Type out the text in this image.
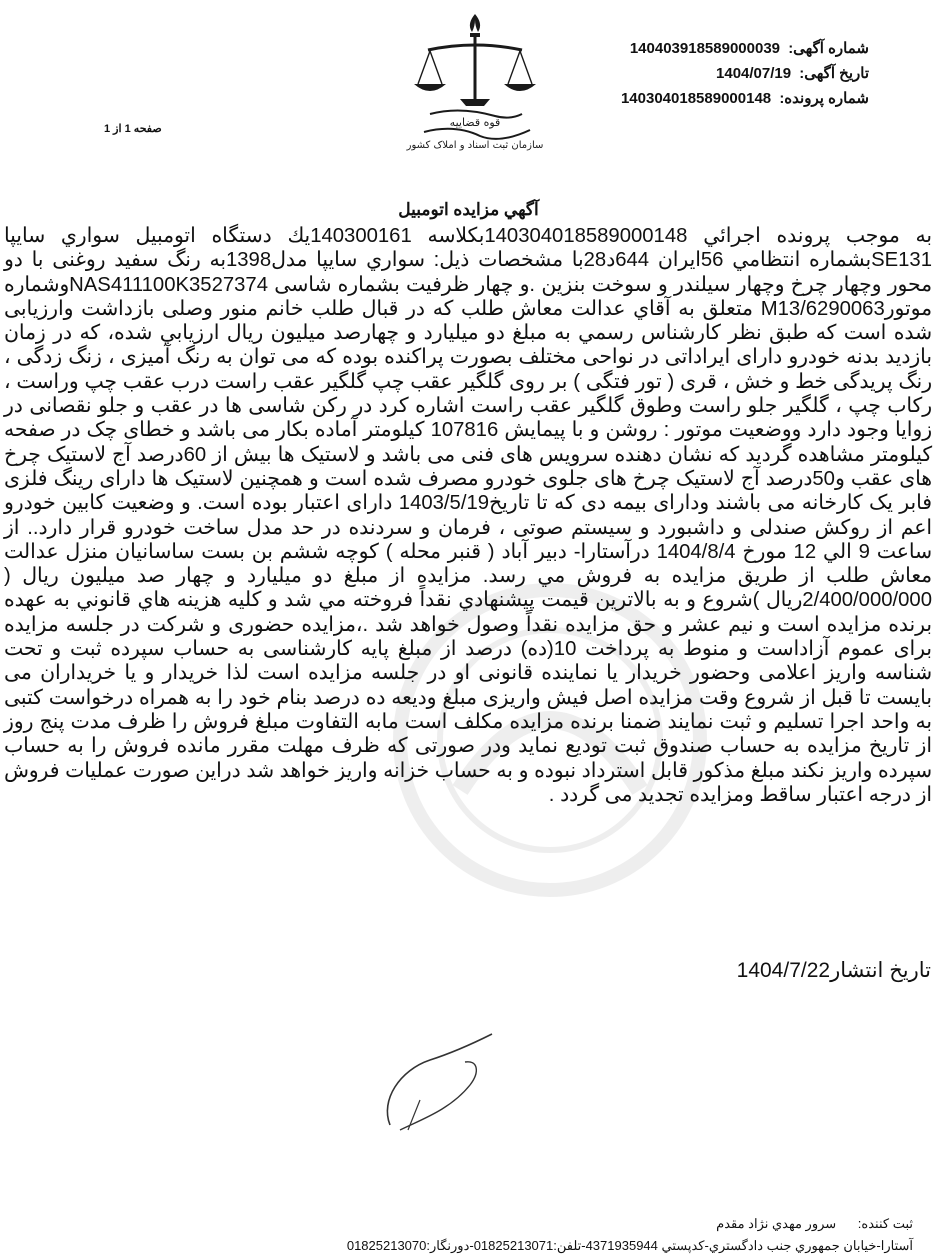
قوه قضاییه
سازمان ثبت اسناد و املاک کشور
شماره آگهی: 14040391858900003‍9
تاریخ آگهی: 1404/07/19
شماره پرونده: 14030401858900014‍8
صفحه 1 از 1
آگهي مزايده اتومبيل

به موجب پرونده اجرائي 140304018589000148بكلاسه 140300161يك دستگاه اتومبيل سواري سايپا SE131بشماره انتظامي 56ايران 644د28با مشخصات ذيل: سواري سايپا مدل1398به رنگ سفيد روغنی با دو محور وچهار چرخ وچهار سيلندر و سوخت بنزين .و چهار ظرفيت بشماره شاسی NAS411100K3527374وشماره موتورM13/6290063 متعلق به آقاي عدالت معاش طلب كه در قبال طلب خانم منور وصلی بازداشت وارزيابی شده است كه طبق نظر كارشناس رسمي به مبلغ دو ميليارد و چهارصد ميليون ريال ارزيابي شده، كه در زمان بازديد بدنه خودرو دارای ايراداتی در نواحی مختلف بصورت پراكنده بوده كه می توان به رنگ آميزی ، زنگ زدگی ، رنگ پريدگی خط و خش ، قری ( تور فتگی ) بر روی گلگير عقب چپ گلگير عقب راست درب عقب چپ وراست ، ركاب چپ ، گلگير جلو راست وطوق گلگير عقب راست اشاره كرد در ركن شاسی ها در عقب و جلو نقصانی در زوايا وجود دارد ووضعيت موتور : روشن و با پيمايش 107816 كيلومتر آماده بكار می باشد و خطای چک در صفحه كيلومتر مشاهده گرديد كه نشان دهنده سرويس های فنی می باشد و لاستيک ها بيش از 60درصد آج لاستيک چرخ های عقب و50درصد آج لاستيک چرخ های جلوی خودرو مصرف شده است و همچنين لاستيک ها دارای رينگ فلزی فابر يک كارخانه می باشند ودارای بيمه دی كه تا تاريخ1403/5/19 دارای اعتبار بوده است. و وضعيت كابين خودرو اعم از روكش صندلی و داشبورد و سيستم صوتی ، فرمان و سردنده در حد مدل ساخت خودرو قرار دارد.. از ساعت 9 الي 12 مورخ 1404/8/4 درآستارا- دبير آباد ( قنبر محله ) كوچه ششم بن بست ساسانيان منزل عدالت معاش طلب از طريق مزايده به فروش مي رسد. مزايده از مبلغ دو ميليارد و چهار صد ميليون ريال ( 2/400/000/000ريال )شروع و به بالاترين قيمت پيشنهادي نقداً فروخته مي شد و كليه هزينه هاي قانوني به عهده برنده مزايده است و نيم عشر و حق مزايده نقداً وصول خواهد شد .،مزايده حضوری و شركت در جلسه مزايده برای عموم آزاداست و منوط به پرداخت 10(ده) درصد از مبلغ پايه كارشناسی به حساب سپرده ثبت و تحت شناسه واريز اعلامی وحضور خريدار يا نماينده قانونی او در جلسه مزايده است لذا خريدار و يا خريداران می بايست تا قبل از شروع وقت مزايده اصل فيش واريزی مبلغ وديعه ده درصد بنام خود را به همراه درخواست كتبی به واحد اجرا تسليم و ثبت نمايند ضمنا برنده مزايده مكلف است مابه التفاوت مبلغ فروش را ظرف مدت پنج روز از تاريخ مزايده به حساب صندوق ثبت توديع نمايد ودر صورتی كه ظرف مهلت مقرر مانده فروش را به حساب سپرده واريز نكند مبلغ مذكور قابل استرداد نبوده و به حساب خزانه واريز خواهد شد دراين صورت عمليات فروش از درجه اعتبار ساقط ومزايده تجديد می گردد .

تاريخ انتشار1404/7/22
ثبت كننده: سرور مهدي نژاد مقدم
آستارا-خيابان جمهوري جنب دادگستري-كدپستي 4371935944-تلفن:01825213071-دورنگار:01825213070
